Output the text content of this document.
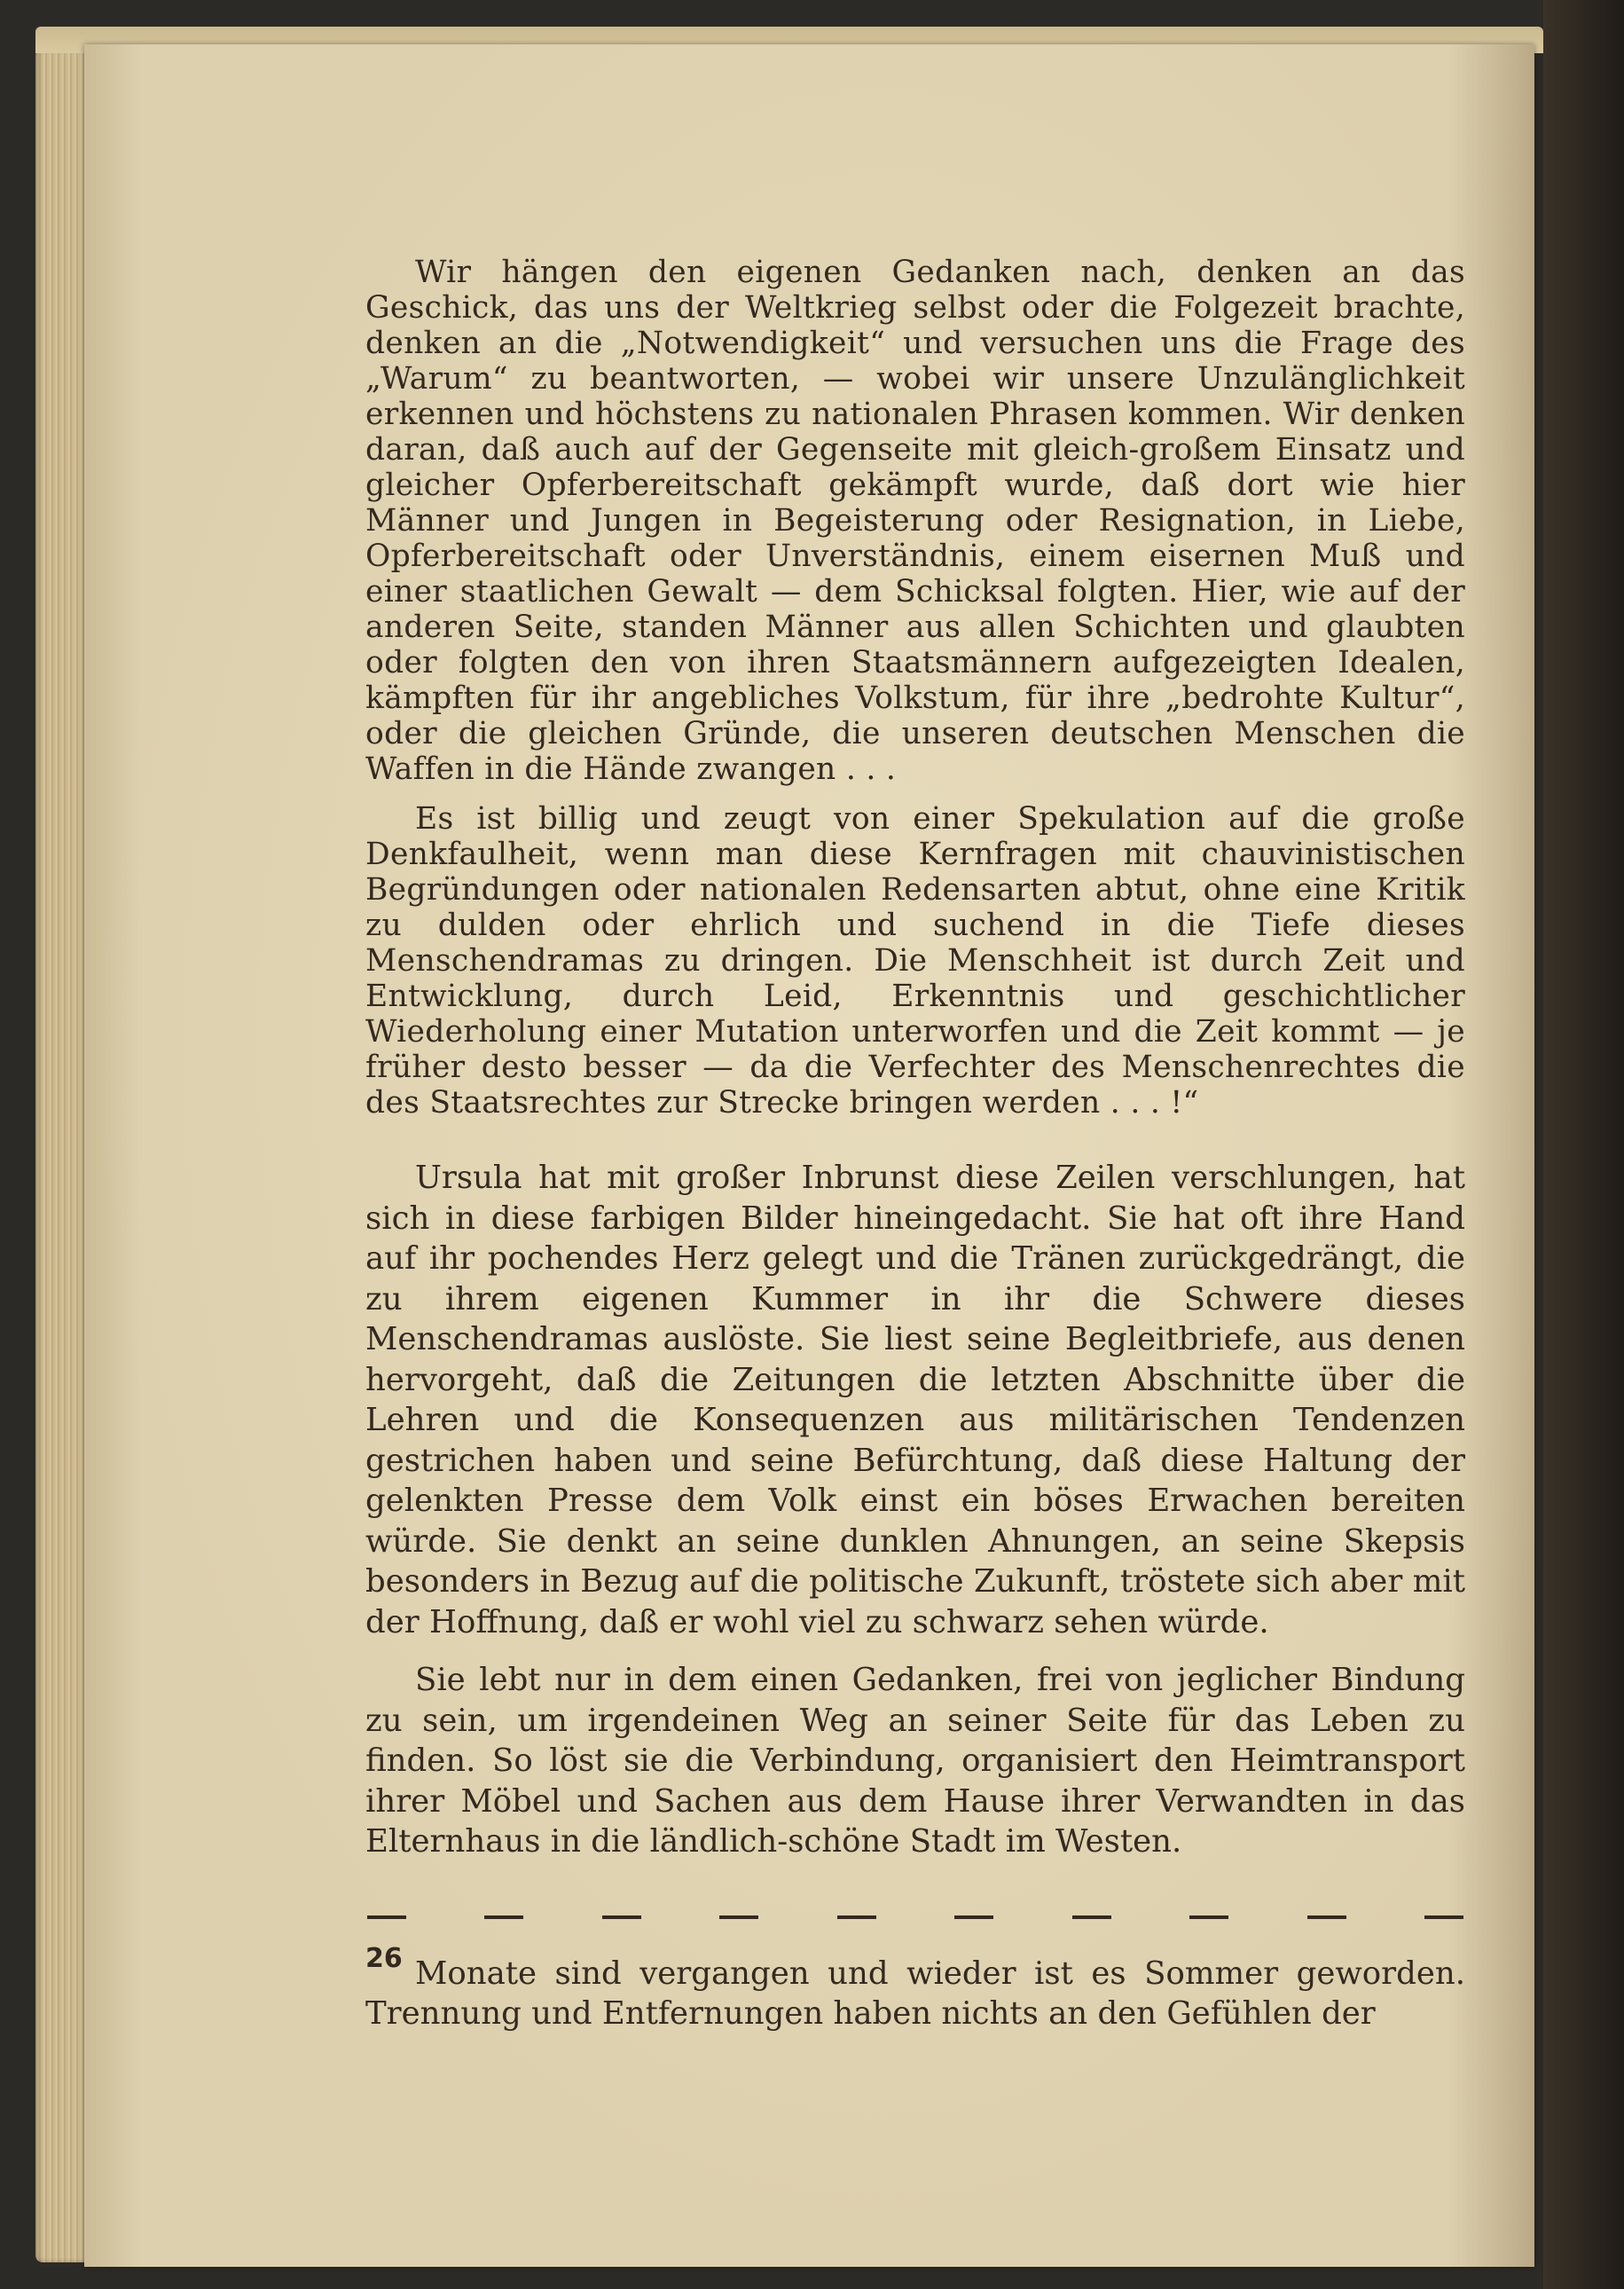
Wir hängen den eigenen Gedanken nach, denken an das Geschick, das uns der Weltkrieg selbst oder die Folgezeit brachte, denken an die „Notwendigkeit“ und versuchen uns die Frage des „Warum“ zu beantworten, — wobei wir unsere Unzulänglichkeit erkennen und höchstens zu nationalen Phrasen kommen. Wir denken daran, daß auch auf der Gegenseite mit gleich-großem Einsatz und gleicher Opferbereitschaft gekämpft wurde, daß dort wie hier Männer und Jungen in Begeisterung oder Resignation, in Liebe, Opferbereitschaft oder Unverständnis, einem eisernen Muß und einer staatlichen Gewalt — dem Schicksal folgten. Hier, wie auf der anderen Seite, standen Männer aus allen Schichten und glaubten oder folgten den von ihren Staatsmännern aufgezeigten Idealen, kämpften für ihr angebliches Volkstum, für ihre „bedrohte Kultur“, oder die gleichen Gründe, die unseren deutschen Menschen die Waffen in die Hände zwangen . . .

Es ist billig und zeugt von einer Spekulation auf die große Denkfaulheit, wenn man diese Kernfragen mit chauvinistischen Begründungen oder nationalen Redensarten abtut, ohne eine Kritik zu dulden oder ehrlich und suchend in die Tiefe dieses Menschendramas zu dringen. Die Menschheit ist durch Zeit und Entwicklung, durch Leid, Erkenntnis und geschichtlicher Wiederholung einer Mutation unterworfen und die Zeit kommt — je früher desto besser — da die Verfechter des Menschenrechtes die des Staatsrechtes zur Strecke bringen werden . . . !“

Ursula hat mit großer Inbrunst diese Zeilen verschlungen, hat sich in diese farbigen Bilder hineingedacht. Sie hat oft ihre Hand auf ihr pochendes Herz gelegt und die Tränen zurückgedrängt, die zu ihrem eigenen Kummer in ihr die Schwere dieses Menschendramas auslöste. Sie liest seine Begleitbriefe, aus denen hervorgeht, daß die Zeitungen die letzten Abschnitte über die Lehren und die Konsequenzen aus militärischen Tendenzen gestrichen haben und seine Befürchtung, daß diese Haltung der gelenkten Presse dem Volk einst ein böses Erwachen bereiten würde. Sie denkt an seine dunklen Ahnungen, an seine Skepsis besonders in Bezug auf die politische Zukunft, tröstete sich aber mit der Hoffnung, daß er wohl viel zu schwarz sehen würde.

Sie lebt nur in dem einen Gedanken, frei von jeglicher Bindung zu sein, um irgendeinen Weg an seiner Seite für das Leben zu finden. So löst sie die Verbindung, organisiert den Heimtransport ihrer Möbel und Sachen aus dem Hause ihrer Verwandten in das Elternhaus in die ländlich-schöne Stadt im Westen.

Monate sind vergangen und wieder ist es Sommer geworden. Trennung und Entfernungen haben nichts an den Gefühlen der

26
